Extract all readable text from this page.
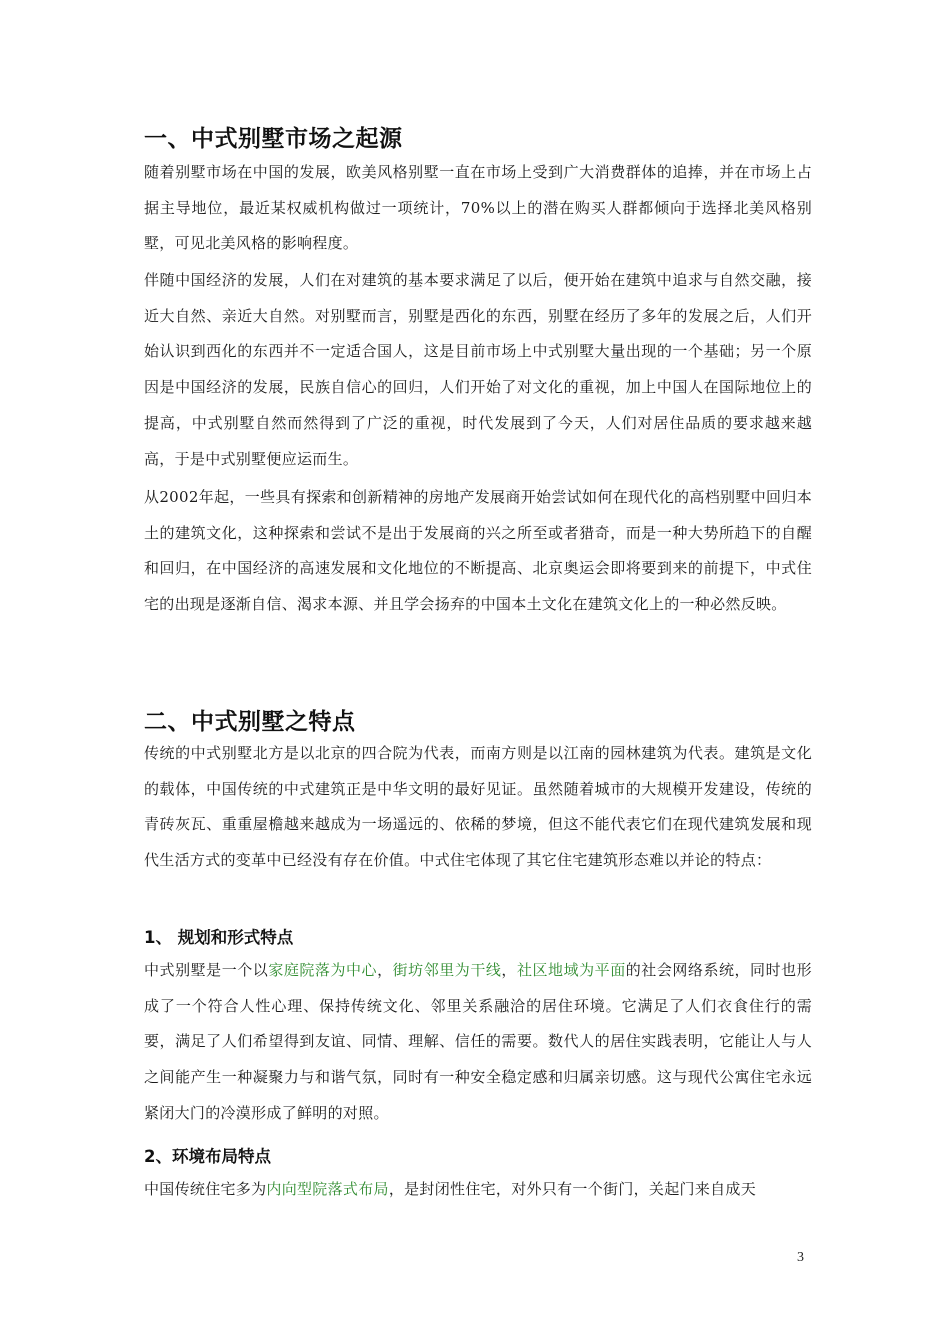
一、中式别墅市场之起源

随着别墅市场在中国的发展，欧美风格别墅一直在市场上受到广大消费群体的追捧，并在市场上占据主导地位，最近某权威机构做过一项统计，70%以上的潜在购买人群都倾向于选择北美风格别墅，可见北美风格的影响程度。

伴随中国经济的发展，人们在对建筑的基本要求满足了以后，便开始在建筑中追求与自然交融，接近大自然、亲近大自然。对别墅而言，别墅是西化的东西，别墅在经历了多年的发展之后，人们开始认识到西化的东西并不一定适合国人，这是目前市场上中式别墅大量出现的一个基础；另一个原因是中国经济的发展，民族自信心的回归，人们开始了对文化的重视，加上中国人在国际地位上的提高，中式别墅自然而然得到了广泛的重视，时代发展到了今天，人们对居住品质的要求越来越高，于是中式别墅便应运而生。

从2002年起，一些具有探索和创新精神的房地产发展商开始尝试如何在现代化的高档别墅中回归本土的建筑文化，这种探索和尝试不是出于发展商的兴之所至或者猎奇，而是一种大势所趋下的自醒和回归，在中国经济的高速发展和文化地位的不断提高、北京奥运会即将要到来的前提下，中式住宅的出现是逐渐自信、渴求本源、并且学会扬弃的中国本土文化在建筑文化上的一种必然反映。

二、中式别墅之特点

传统的中式别墅北方是以北京的四合院为代表，而南方则是以江南的园林建筑为代表。建筑是文化的载体，中国传统的中式建筑正是中华文明的最好见证。虽然随着城市的大规模开发建设，传统的青砖灰瓦、重重屋檐越来越成为一场遥远的、依稀的梦境，但这不能代表它们在现代建筑发展和现代生活方式的变革中已经没有存在价值。中式住宅体现了其它住宅建筑形态难以并论的特点：

1、 规划和形式特点

中式别墅是一个以家庭院落为中心，街坊邻里为干线，社区地域为平面的社会网络系统，同时也形成了一个符合人性心理、保持传统文化、邻里关系融洽的居住环境。它满足了人们衣食住行的需要，满足了人们希望得到友谊、同情、理解、信任的需要。数代人的居住实践表明，它能让人与人之间能产生一种凝聚力与和谐气氛，同时有一种安全稳定感和归属亲切感。这与现代公寓住宅永远紧闭大门的冷漠形成了鲜明的对照。

2、环境布局特点

中国传统住宅多为内向型院落式布局，是封闭性住宅，对外只有一个街门，关起门来自成天

3
